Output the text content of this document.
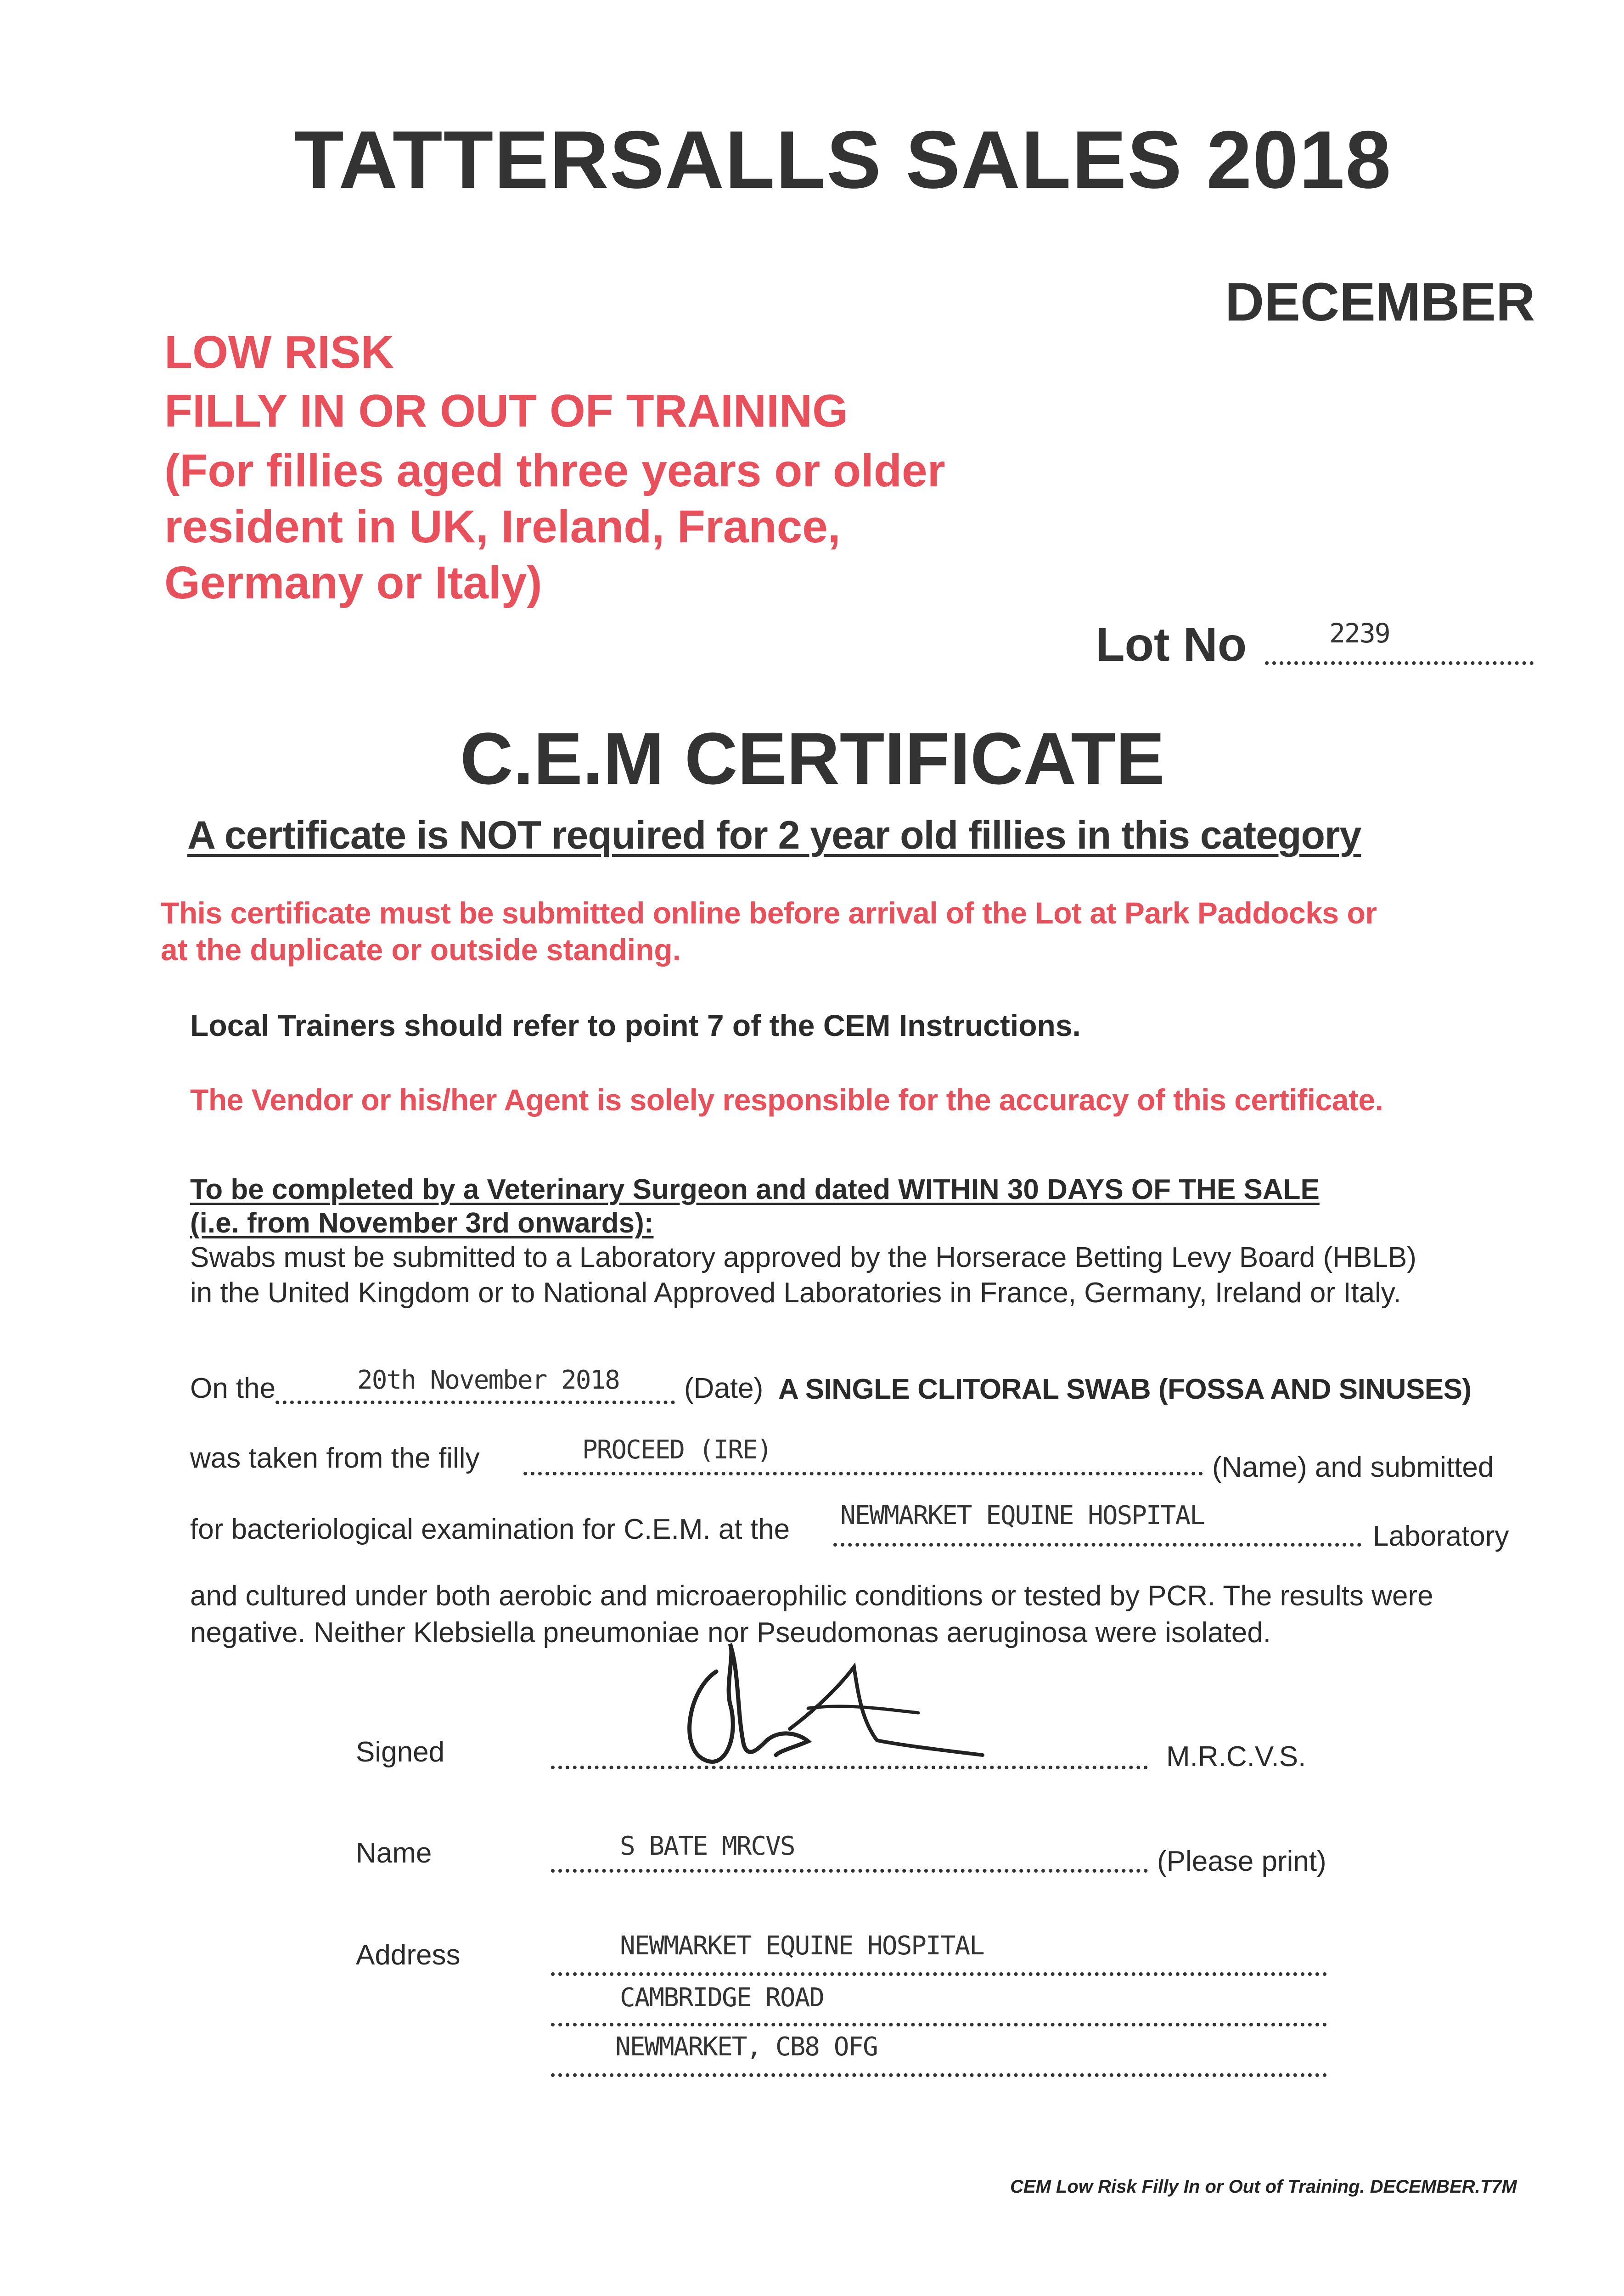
TATTERSALLS SALES 2018
DECEMBER
LOW RISK
FILLY IN OR OUT OF TRAINING
(For fillies aged three years or older
resident in UK, Ireland, France,
Germany or Italy)
Lot No	2239
C.E.M CERTIFICATE
A certificate is NOT required for 2 year old fillies in this category
This certificate must be submitted online before arrival of the Lot at Park Paddocks or
at the duplicate or outside standing.
Local Trainers should refer to point 7 of the CEM Instructions.
The Vendor or his/her Agent is solely responsible for the accuracy of this certificate.
To be completed by a Veterinary Surgeon and dated WITHIN 30 DAYS OF THE SALE
(i.e. from November 3rd onwards):
Swabs must be submitted to a Laboratory approved by the Horserace Betting Levy Board (HBLB)
in the United Kingdom or to National Approved Laboratories in France, Germany, Ireland or Italy.
On the	20th November 2018 (Date) A SINGLE CLITORAL SWAB (FOSSA AND SINUSES)
was taken from the filly	PROCEED (IRE)
(Name) and submitted
for bacteriological examination for C.E.M. at the NEWMARKET EQUINE HOSPITAL
Laboratory
and cultured under both aerobic and microaerophilic conditions or tested by PCR. The results were
negative. Neither Klebsiella pneumoniae nor Pseudomonas aeruginosa were isolated.
Signed	M.R.C.V.S.
Name	S BATE MRCVS	(Please print)
Address	NEWMARKET EQUINE HOSPITAL
CAMBRIDGE ROAD
NEWMARKET, CB8 OFG
CEM Low Risk Filly In or Out of Training. DECEMBER.T7M
